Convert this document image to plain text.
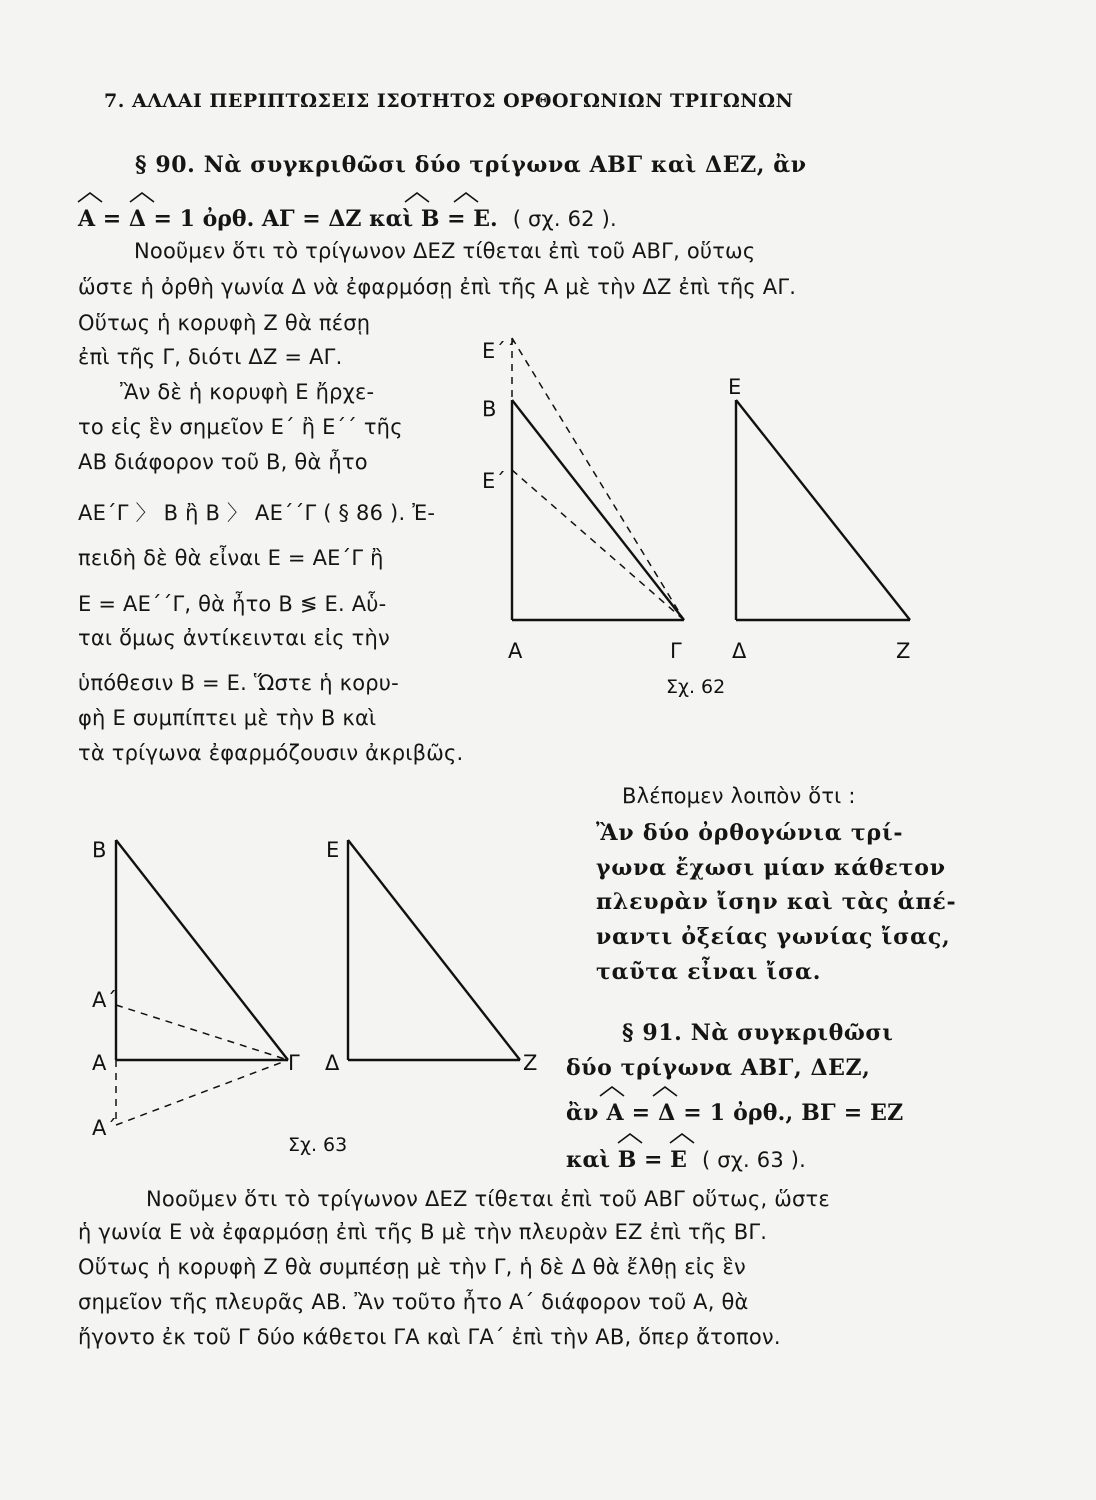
7. ΑΛΛΑΙ ΠΕΡΙΠΤΩΣΕΙΣ ΙΣΟΤΗΤΟΣ ΟΡΘΟΓΩΝΙΩΝ ΤΡΙΓΩΝΩΝ
§ 90. Νὰ συγκριθῶσι δύο τρίγωνα ΑΒΓ καὶ ΔΕΖ, ἂν
Α = Δ = 1 ὀρθ. ΑΓ = ΔΖ καὶ Β = Ε. ( σχ. 62 ).
Νοοῦμεν ὅτι τὸ τρίγωνον ΔΕΖ τίθεται ἐπὶ τοῦ ΑΒΓ, οὕτως
ὥστε ἡ ὀρθὴ γωνία Δ νὰ ἐφαρμόσῃ ἐπὶ τῆς Α μὲ τὴν ΔΖ ἐπὶ τῆς ΑΓ.
Οὕτως ἡ κορυφὴ Ζ θὰ πέσῃ
ἐπὶ τῆς Γ, διότι ΔΖ = ΑΓ.
Ἂν δὲ ἡ κορυφὴ Ε ἤρχε-
το εἰς ἓν σημεῖον Ε΄ ἢ Ε΄΄ τῆς
ΑΒ διάφορον τοῦ Β, θὰ ἦτο
ΑΕ΄Γ 〉 Β ἢ Β 〉 ΑΕ΄΄Γ ( § 86 ). Ἐ-
πειδὴ δὲ θὰ εἶναι Ε = ΑΕ΄Γ ἢ
Ε = ΑΕ΄΄Γ, θὰ ἦτο Β ≶ Ε. Αὗ-
ται ὅμως ἀντίκεινται εἰς τὴν
ὑπόθεσιν Β = Ε. Ὥστε ἡ κορυ-
φὴ Ε συμπίπτει μὲ τὴν Β καὶ
τὰ τρίγωνα ἐφαρμόζουσιν ἀκριβῶς.
Ε΄΄
Β
Ε΄
Α	Γ
Ε
Δ	Ζ
Σχ. 62
Βλέπομεν λοιπὸν ὅτι :
Ἂν δύο ὀρθογώνια τρί-
γωνα ἔχωσι μίαν κάθετον
πλευρὰν ἴσην καὶ τὰς ἀπέ-
ναντι ὀξείας γωνίας ἴσας,
ταῦτα εἶναι ἴσα.
Β
Α΄
Α
Α΄
Γ
Ε
Δ	Ζ
Σχ. 63
§ 91. Νὰ συγκριθῶσι
δύο τρίγωνα ΑΒΓ, ΔΕΖ,
ἂν Α = Δ = 1 ὀρθ., ΒΓ = ΕΖ
καὶ Β = Ε ( σχ. 63 ).
Νοοῦμεν ὅτι τὸ τρίγωνον ΔΕΖ τίθεται ἐπὶ τοῦ ΑΒΓ οὕτως, ὥστε
ἡ γωνία Ε νὰ ἐφαρμόσῃ ἐπὶ τῆς Β μὲ τὴν πλευρὰν ΕΖ ἐπὶ τῆς ΒΓ.
Οὕτως ἡ κορυφὴ Ζ θὰ συμπέσῃ μὲ τὴν Γ, ἡ δὲ Δ θὰ ἔλθῃ εἰς ἓν
σημεῖον τῆς πλευρᾶς ΑΒ. Ἂν τοῦτο ἦτο Α΄ διάφορον τοῦ Α, θὰ
ἤγοντο ἐκ τοῦ Γ δύο κάθετοι ΓΑ καὶ ΓΑ΄ ἐπὶ τὴν ΑΒ, ὅπερ ἄτοπον.
